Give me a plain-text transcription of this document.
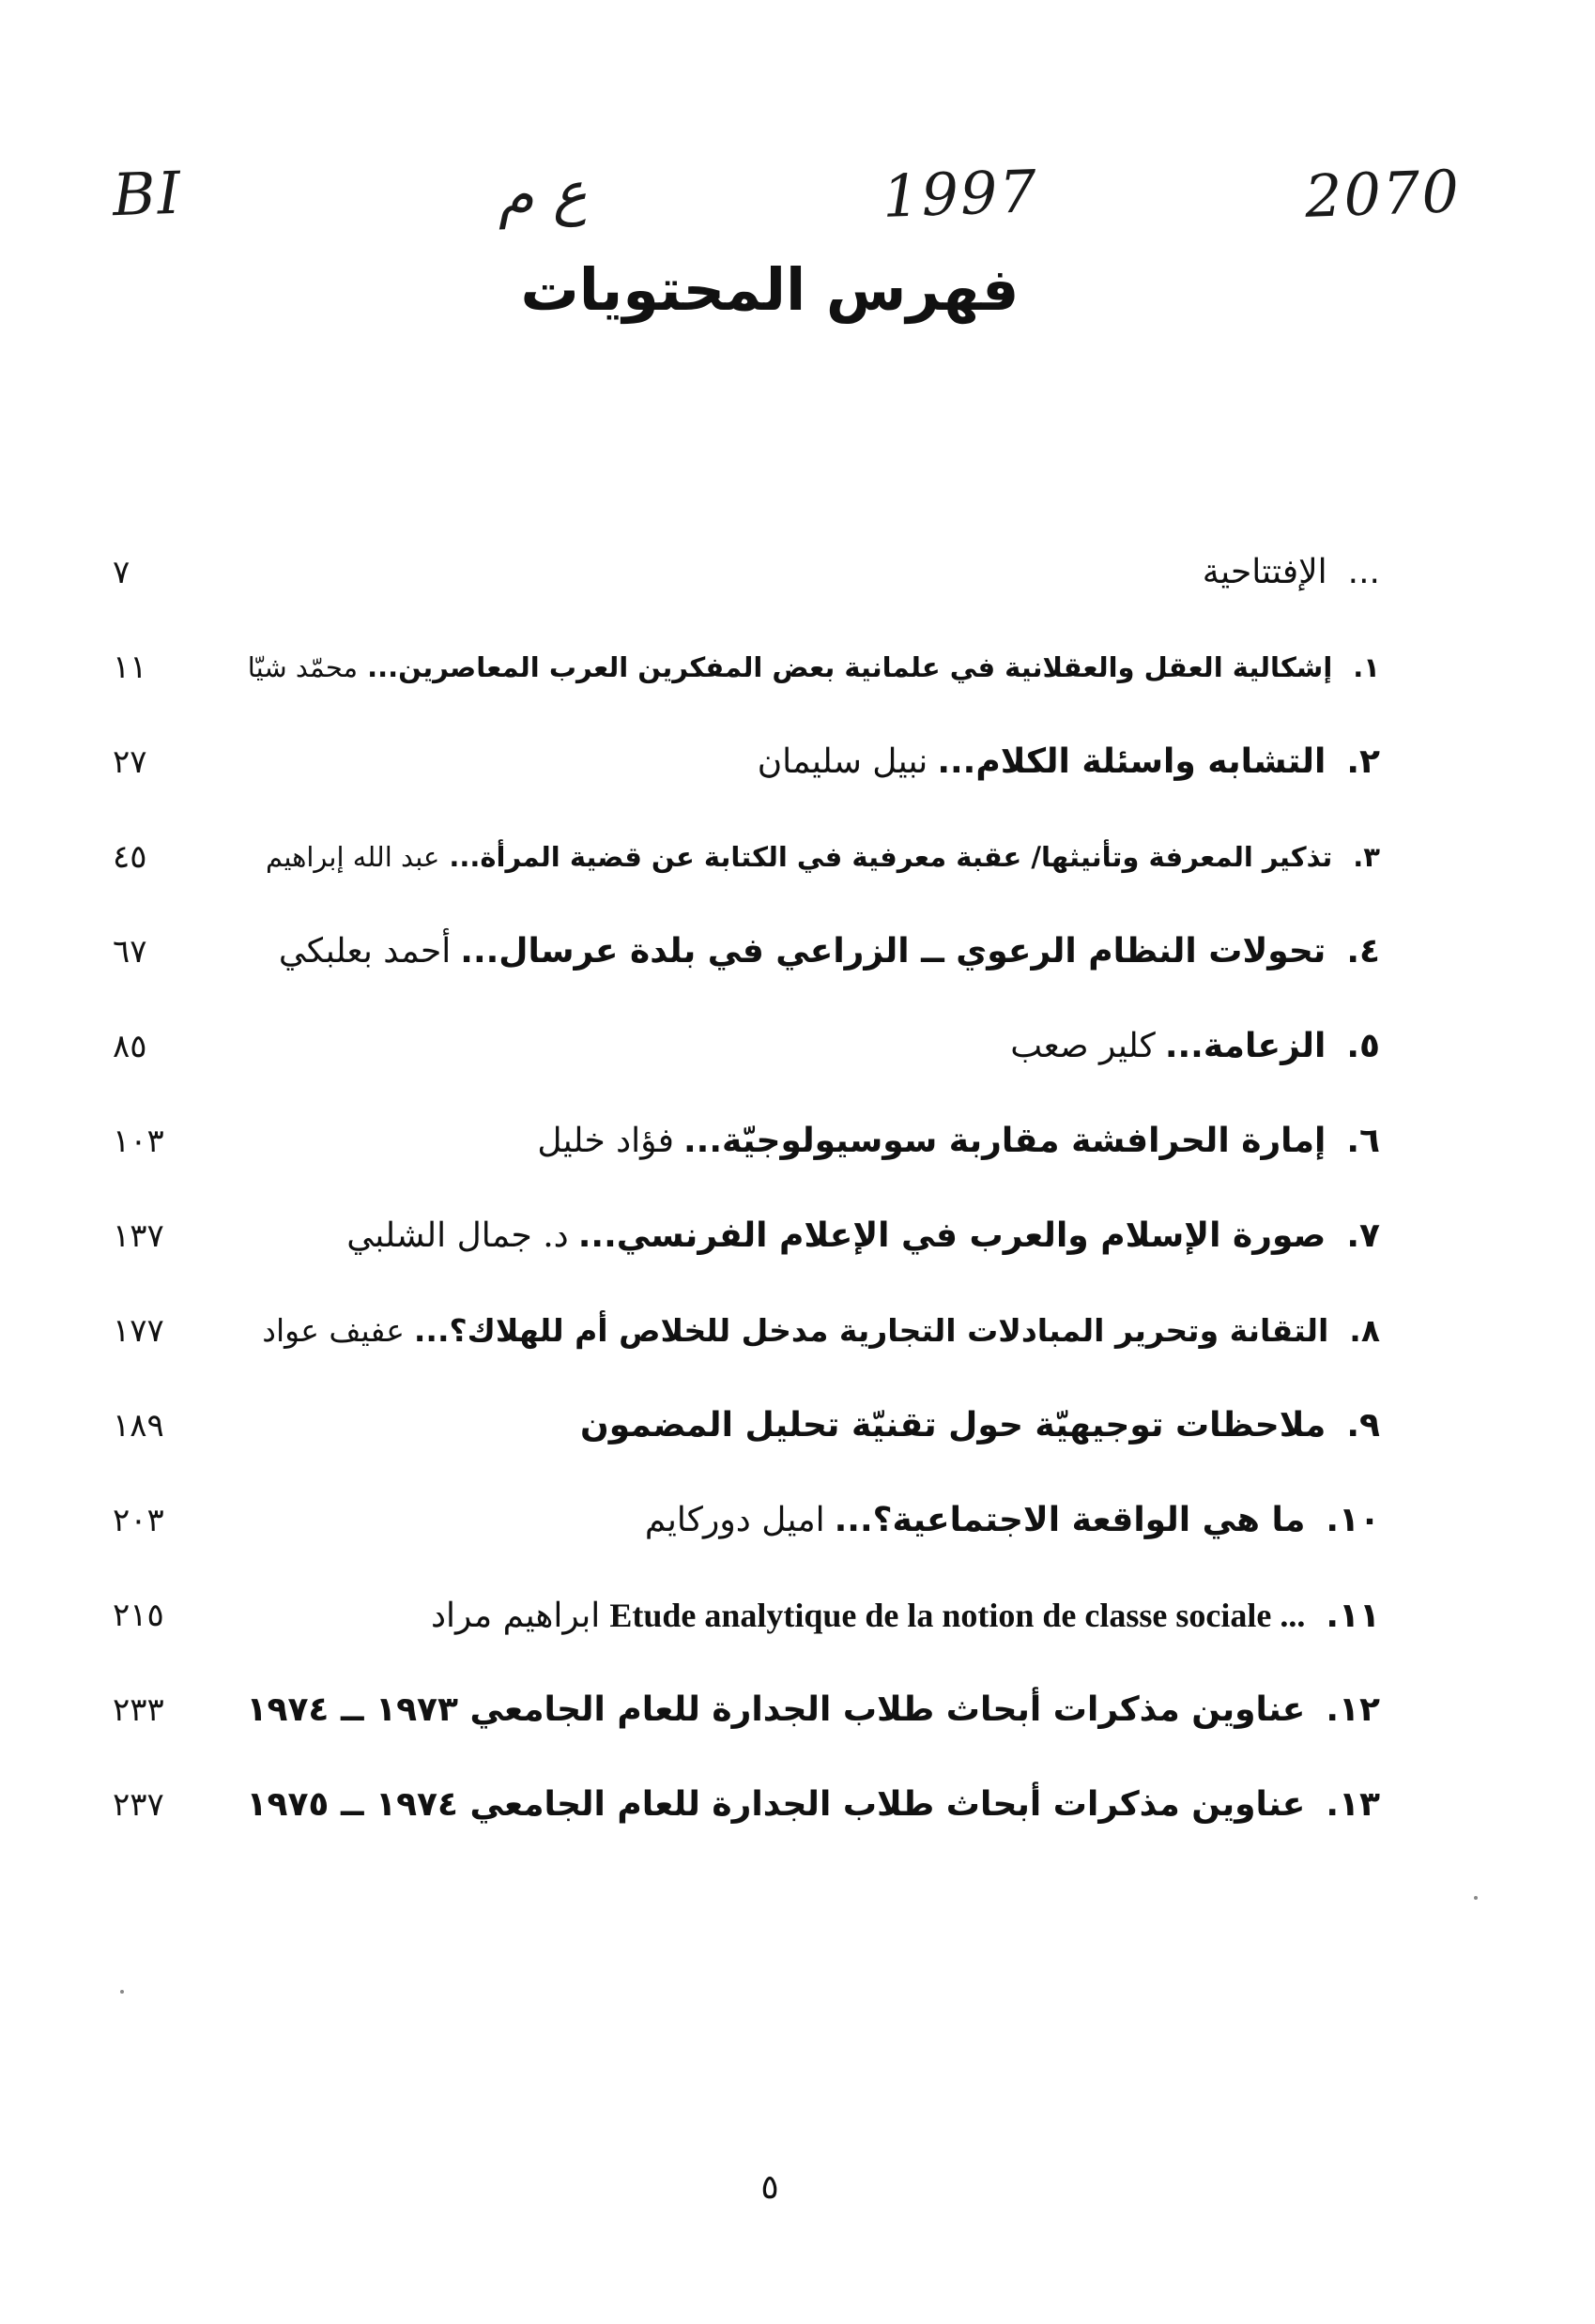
BI	ع م	1997	2070
فهرس المحتويات
...الإفتتاحية
٧
١.إشكالية العقل والعقلانية في علمانية بعض المفكرين العرب المعاصرين...محمّد شيّا
١١
٢.التشابه واسئلة الكلام...نبيل سليمان
٢٧
٣.تذكير المعرفة وتأنيثها/ عقبة معرفية في الكتابة عن قضية المرأة...عبد الله إبراهيم
٤٥
٤.تحولات النظام الرعوي ــ الزراعي في بلدة عرسال...أحمد بعلبكي
٦٧
٥.الزعامة...كلير صعب
٨٥
٦.إمارة الحرافشة مقاربة سوسيولوجيّة...فؤاد خليل
١٠٣
٧.صورة الإسلام والعرب في الإعلام الفرنسي...د. جمال الشلبي
١٣٧
٨.التقانة وتحرير المبادلات التجارية مدخل للخلاص أم للهلاك؟...عفيف عواد
١٧٧
٩.ملاحظات توجيهيّة حول تقنيّة تحليل المضمون
١٨٩
١٠.ما هي الواقعة الاجتماعية؟...اميل دوركايم
٢٠٣
١١.Etude analytique de la notion de classe sociale ...ابراهيم مراد
٢١٥
١٢.عناوين مذكرات أبحاث طلاب الجدارة للعام الجامعي ١٩٧٣ ــ ١٩٧٤
٢٣٣
١٣.عناوين مذكرات أبحاث طلاب الجدارة للعام الجامعي ١٩٧٤ ــ ١٩٧٥
٢٣٧
٥
